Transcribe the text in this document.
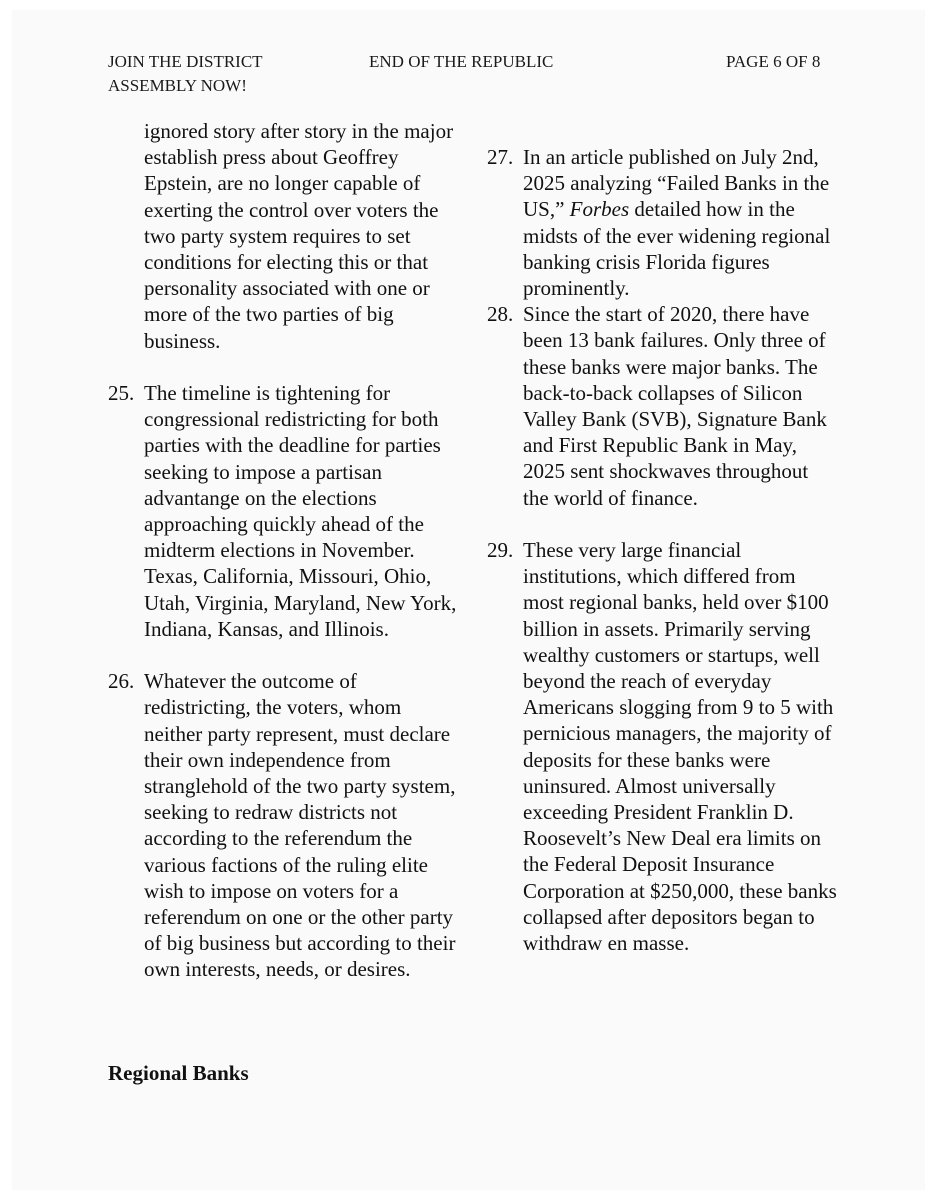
JOIN THE DISTRICT ASSEMBLY NOW!
END OF THE REPUBLIC	PAGE 6 OF 8

ignored story after story in the major establish press about Geoffrey Epstein, are no longer capable of exerting the control over voters the two party system requires to set conditions for electing this or that personality associated with one or more of the two parties of big business.

25. The timeline is tightening for congressional redistricting for both parties with the deadline for parties seeking to impose a partisan advantange on the elections approaching quickly ahead of the midterm elections in November. Texas, California, Missouri, Ohio, Utah, Virginia, Maryland, New York, Indiana, Kansas, and Illinois.

26. Whatever the outcome of redistricting, the voters, whom neither party represent, must declare their own independence from stranglehold of the two party system, seeking to redraw districts not according to the referendum the various factions of the ruling elite wish to impose on voters for a referendum on one or the other party of big business but according to their own interests, needs, or desires.

27. In an article published on July 2nd, 2025 analyzing “Failed Banks in the US,” Forbes detailed how in the midsts of the ever widening regional banking crisis Florida figures prominently.

28. Since the start of 2020, there have been 13 bank failures. Only three of these banks were major banks. The back-to-back collapses of Silicon Valley Bank (SVB), Signature Bank and First Republic Bank in May, 2025 sent shockwaves throughout the world of finance.

29. These very large financial institutions, which differed from most regional banks, held over $100 billion in assets. Primarily serving wealthy customers or startups, well beyond the reach of everyday Americans slogging from 9 to 5 with pernicious managers, the majority of deposits for these banks were uninsured. Almost universally exceeding President Franklin D. Roosevelt’s New Deal era limits on the Federal Deposit Insurance Corporation at $250,000, these banks collapsed after depositors began to withdraw en masse.

Regional Banks
